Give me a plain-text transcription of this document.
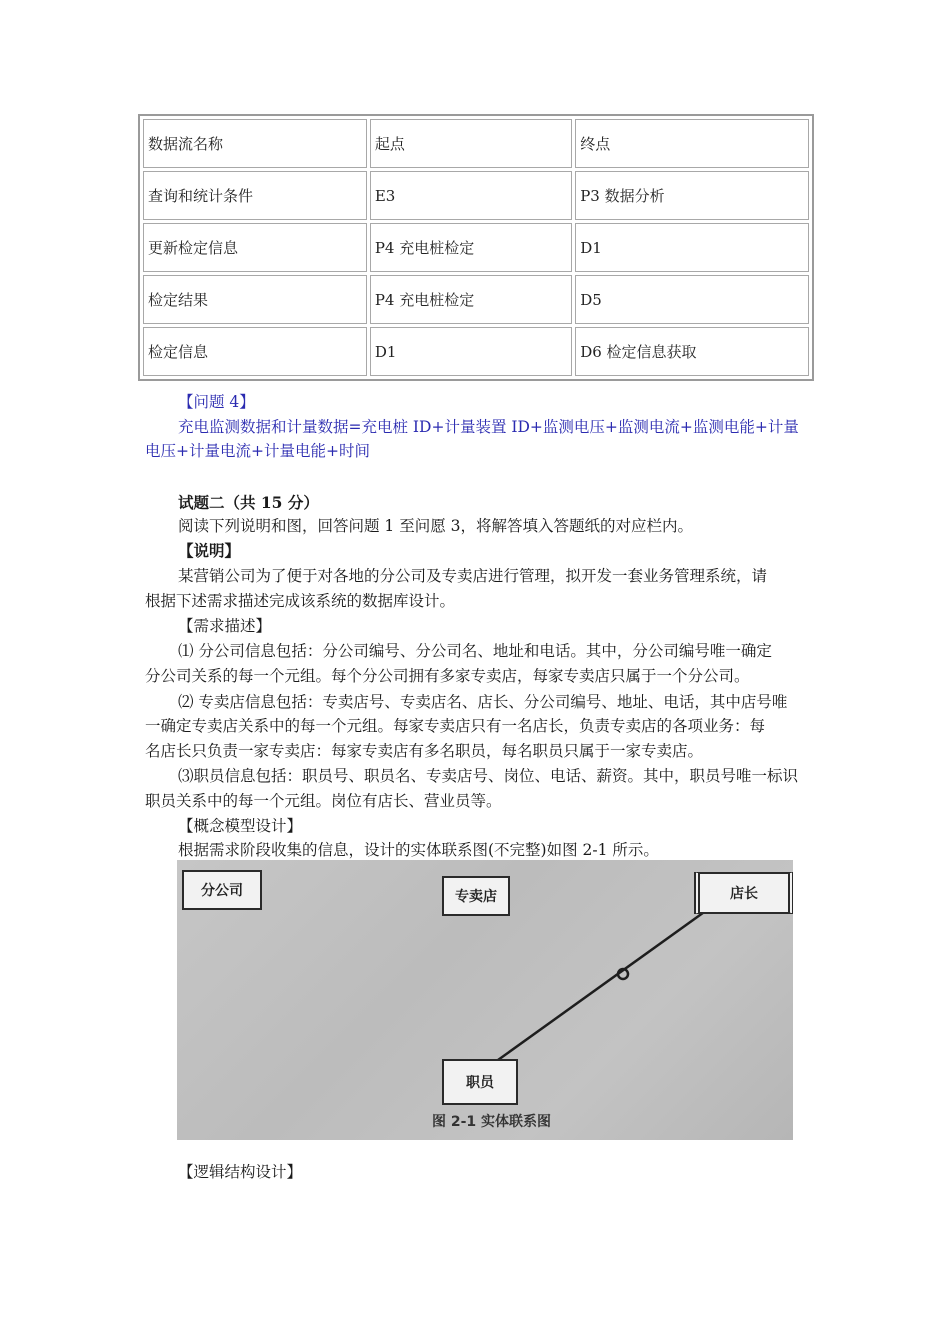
数据流名称	起点	终点
查询和统计条件	E3	P3 数据分析
更新检定信息	P4 充电桩检定	D1
检定结果	P4 充电桩检定	D5
检定信息	D1	D6 检定信息获取
【问题 4】
充电监测数据和计量数据=充电桩 ID+计量装置 ID+监测电压+监测电流+监测电能+计量
电压+计量电流+计量电能+时间
试题二（共 15 分）
阅读下列说明和图，回答问题 1 至问愿 3，将解答填入答题纸的对应栏内。
【说明】
某营销公司为了便于对各地的分公司及专卖店进行管理，拟开发一套业务管理系统，请
根据下述需求描述完成该系统的数据库设计。
【需求描述】
⑴ 分公司信息包括：分公司编号、分公司名、地址和电话。其中，分公司编号唯一确定
分公司关系的每一个元组。每个分公司拥有多家专卖店，每家专卖店只属于一个分公司。
⑵ 专卖店信息包括：专卖店号、专卖店名、店长、分公司编号、地址、电话，其中店号唯
一确定专卖店关系中的每一个元组。每家专卖店只有一名店长，负责专卖店的各项业务：每
名店长只负责一家专卖店：每家专卖店有多名职员，每名职员只属于一家专卖店。
⑶职员信息包括：职员号、职员名、专卖店号、岗位、电话、薪资。其中，职员号唯一标识
职员关系中的每一个元组。岗位有店长、营业员等。
【概念模型设计】
根据需求阶段收集的信息，设计的实体联系图(不完整)如图 2-1 所示。
分公司	专卖店	店长
职员
图 2-1 实体联系图
【逻辑结构设计】
